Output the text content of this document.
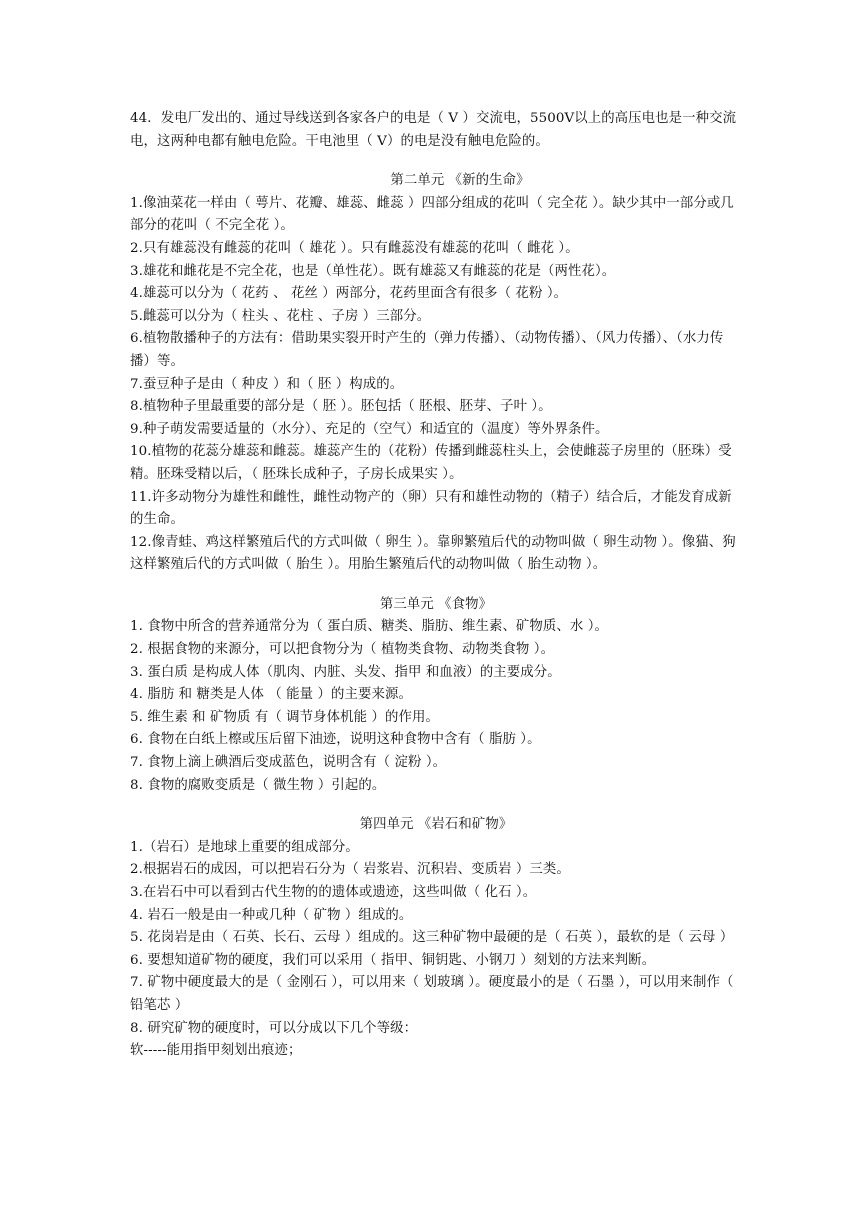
44．发电厂发出的、通过导线送到各家各户的电是（ V ）交流电，5500V以上的高压电也是一种交流电，这两种电都有触电危险。干电池里（ V）的电是没有触电危险的。
第二单元 《新的生命》
1.像油菜花一样由（ 萼片、花瓣、雄蕊、雌蕊 ）四部分组成的花叫（ 完全花 ）。缺少其中一部分或几部分的花叫（ 不完全花 ）。
2.只有雄蕊没有雌蕊的花叫（ 雄花 ）。只有雌蕊没有雄蕊的花叫（ 雌花 ）。
3.雄花和雌花是不完全花，也是（单性花）。既有雄蕊又有雌蕊的花是（两性花）。
4.雄蕊可以分为（ 花药 、 花丝 ）两部分，花药里面含有很多（ 花粉 ）。
5.雌蕊可以分为（ 柱头 、花柱 、子房 ）三部分。
6.植物散播种子的方法有：借助果实裂开时产生的（弹力传播）、（动物传播）、（风力传播）、（水力传播）等。
7.蚕豆种子是由（ 种皮 ）和（ 胚 ）构成的。
8.植物种子里最重要的部分是（ 胚 ）。胚包括（ 胚根、胚芽、子叶 ）。
9.种子萌发需要适量的（水分）、充足的（空气）和适宜的（温度）等外界条件。
10.植物的花蕊分雄蕊和雌蕊。雄蕊产生的（花粉）传播到雌蕊柱头上，会使雌蕊子房里的（胚珠）受精。胚珠受精以后，（ 胚珠长成种子，子房长成果实 ）。
11.许多动物分为雄性和雌性，雌性动物产的（卵）只有和雄性动物的（精子）结合后，才能发育成新的生命。
12.像青蛙、鸡这样繁殖后代的方式叫做（ 卵生 ）。靠卵繁殖后代的动物叫做（ 卵生动物 ）。像猫、狗这样繁殖后代的方式叫做（ 胎生 ）。用胎生繁殖后代的动物叫做（ 胎生动物 ）。
第三单元 《食物》
1. 食物中所含的营养通常分为（ 蛋白质、糖类、脂肪、维生素、矿物质、水 ）。
2. 根据食物的来源分，可以把食物分为（ 植物类食物、动物类食物 ）。
3. 蛋白质 是构成人体（肌肉、内脏、头发、指甲 和血液）的主要成分。
4. 脂肪 和 糖类是人体 （ 能量 ）的主要来源。
5. 维生素 和 矿物质 有（ 调节身体机能 ）的作用。
6. 食物在白纸上檫或压后留下油迹，说明这种食物中含有（ 脂肪 ）。
7. 食物上滴上碘酒后变成蓝色，说明含有（ 淀粉 ）。
8. 食物的腐败变质是（ 微生物 ）引起的。
第四单元 《岩石和矿物》
1.（岩石）是地球上重要的组成部分。
2.根据岩石的成因，可以把岩石分为（ 岩浆岩、沉积岩、变质岩 ）三类。
3.在岩石中可以看到古代生物的的遗体或遗迹，这些叫做（ 化石 ）。
4. 岩石一般是由一种或几种（ 矿物 ）组成的。
5. 花岗岩是由（ 石英、长石、云母 ）组成的。这三种矿物中最硬的是（ 石英 ），最软的是（ 云母 ）
6. 要想知道矿物的硬度，我们可以采用（ 指甲、铜钥匙、小钢刀 ）刻划的方法来判断。
7. 矿物中硬度最大的是（ 金刚石 ），可以用来（ 划玻璃 ）。硬度最小的是（ 石墨 ），可以用来制作（ 铅笔芯 ）
8. 研究矿物的硬度时，可以分成以下几个等级：
软-----能用指甲刻划出痕迹；
